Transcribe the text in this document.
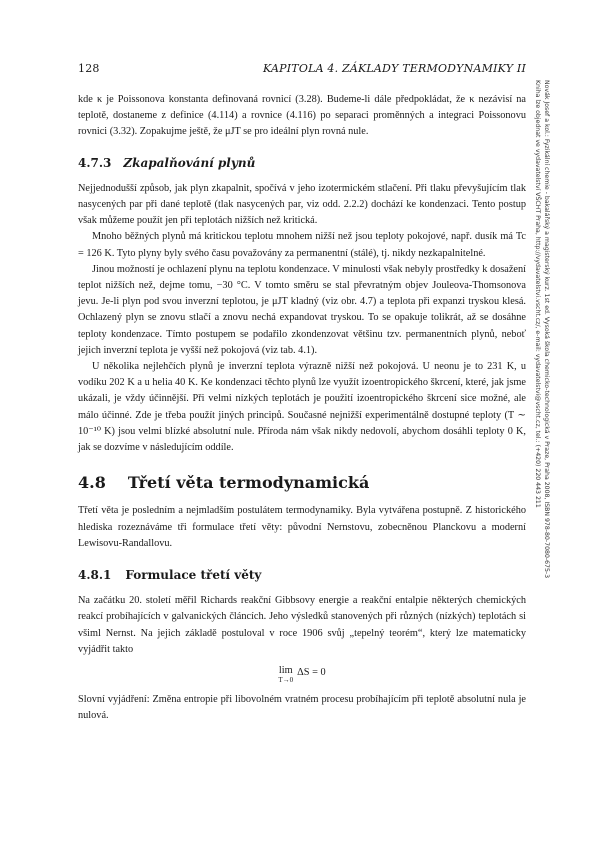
128	KAPITOLA 4. ZÁKLADY TERMODYNAMIKY II

kde κ je Poissonova konstanta definovaná rovnicí (3.28). Budeme-li dále předpokládat, že κ nezávisí na teplotě, dostaneme z definice (4.114) a rovnice (4.116) po separaci proměnných a integraci Poissonovu rovnici (3.32). Zopakujme ještě, že μJT se pro ideální plyn rovná nule.

4.7.3 Zkapalňování plynů

Nejjednodušší způsob, jak plyn zkapalnit, spočívá v jeho izotermickém stlačení. Při tlaku převyšujícím tlak nasycených par při dané teplotě (tlak nasycených par, viz odd. 2.2.2) dochází ke kondenzaci. Tento postup však můžeme použít jen při teplotách nižších než kritická.

Mnoho běžných plynů má kritickou teplotu mnohem nižší než jsou teploty pokojové, např. dusík má Tc = 126 K. Tyto plyny byly svého času považovány za permanentní (stálé), tj. nikdy nezkapalnitelné.

Jinou možností je ochlazení plynu na teplotu kondenzace. V minulosti však nebyly prostředky k dosažení teplot nižších než, dejme tomu, −30 °C. V tomto směru se stal převratným objev Jouleova-Thomsonova jevu. Je-li plyn pod svou inverzní teplotou, je μJT kladný (viz obr. 4.7) a teplota při expanzi tryskou klesá. Ochlazený plyn se znovu stlačí a znovu nechá expandovat tryskou. To se opakuje tolikrát, až se dosáhne teploty kondenzace. Tímto postupem se podařilo zkondenzovat většinu tzv. permanentních plynů, neboť jejich inverzní teplota je vyšší než pokojová (viz tab. 4.1).

U několika nejlehčích plynů je inverzní teplota výrazně nižší než pokojová. U neonu je to 231 K, u vodíku 202 K a u helia 40 K. Ke kondenzaci těchto plynů lze využít izoentropického škrcení, které, jak jsme ukázali, je vždy účinnější. Při velmi nízkých teplotách je použití izoentropického škrcení sice možné, ale málo účinné. Zde je třeba použít jiných principů. Současné nejnižší experimentálně dostupné teploty (T ∼ 10⁻¹⁰ K) jsou velmi blízké absolutní nule. Příroda nám však nikdy nedovolí, abychom dosáhli teploty 0 K, jak se dozvíme v následujícím oddíle.

4.8 Třetí věta termodynamická

Třetí věta je posledním a nejmladším postulátem termodynamiky. Byla vytvářena postupně. Z historického hlediska rozeznáváme tři formulace třetí věty: původní Nernstovu, zobecněnou Planckovu a moderní Lewisovu-Randallovu.

4.8.1 Formulace třetí věty

Na začátku 20. století měřil Richards reakční Gibbsovy energie a reakční entalpie některých chemických reakcí probíhajících v galvanických článcích. Jeho výsledků stanovených při různých (nízkých) teplotách si všiml Nernst. Na jejich základě postuloval v roce 1906 svůj „tepelný teorém“, který lze matematicky vyjádřit takto

lim
T→0
ΔS = 0

Slovní vyjádření: Změna entropie při libovolném vratném procesu probíhajícím při teplotě absolutní nula je nulová.

Novák Josef a kol.: Fyzikální chemie - bakalářský a magisterský kurz. 1st ed. Vysoká škola chemicko-technologická v Praze, Praha 2008, ISBN 978-80-7080-675-3
Kniha lze objednat ve vydavatelství VŠCHT Praha, http://vydavatelstvi.vscht.cz/, e-mail: vydavatelstvi@vscht.cz, tel.: (+420) 220 443 211
